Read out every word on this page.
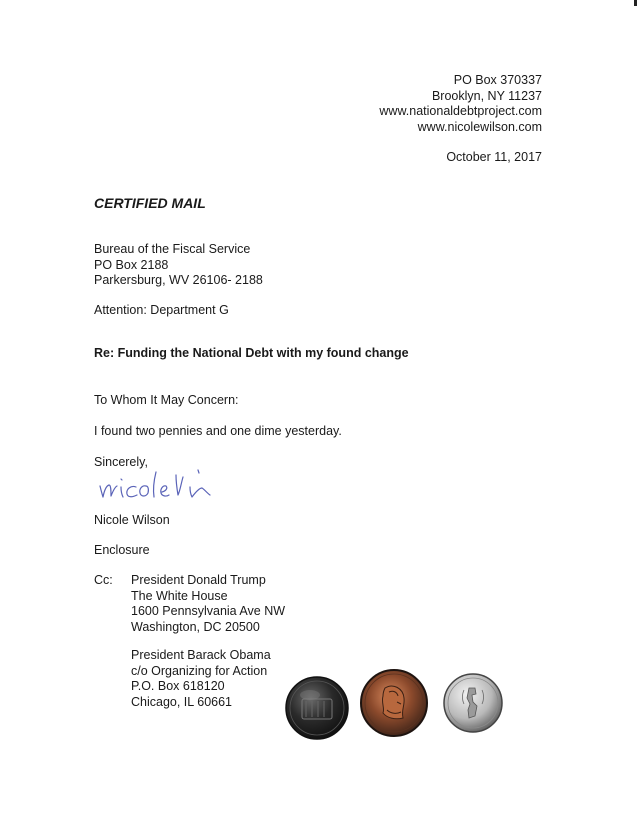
PO Box 370337
Brooklyn, NY 11237
www.nationaldebtproject.com
www.nicolewilson.com
October 11, 2017
CERTIFIED MAIL
Bureau of the Fiscal Service
PO Box 2188
Parkersburg, WV 26106- 2188
Attention: Department G
Re: Funding the National Debt with my found change
To Whom It May Concern:
I found two pennies and one dime yesterday.
Sincerely,
Nicole Wilson
Enclosure
Cc: President Donald Trump
The White House
1600 Pennsylvania Ave NW
Washington, DC 20500
President Barack Obama
c/o Organizing for Action
P.O. Box 618120
Chicago, IL 60661
